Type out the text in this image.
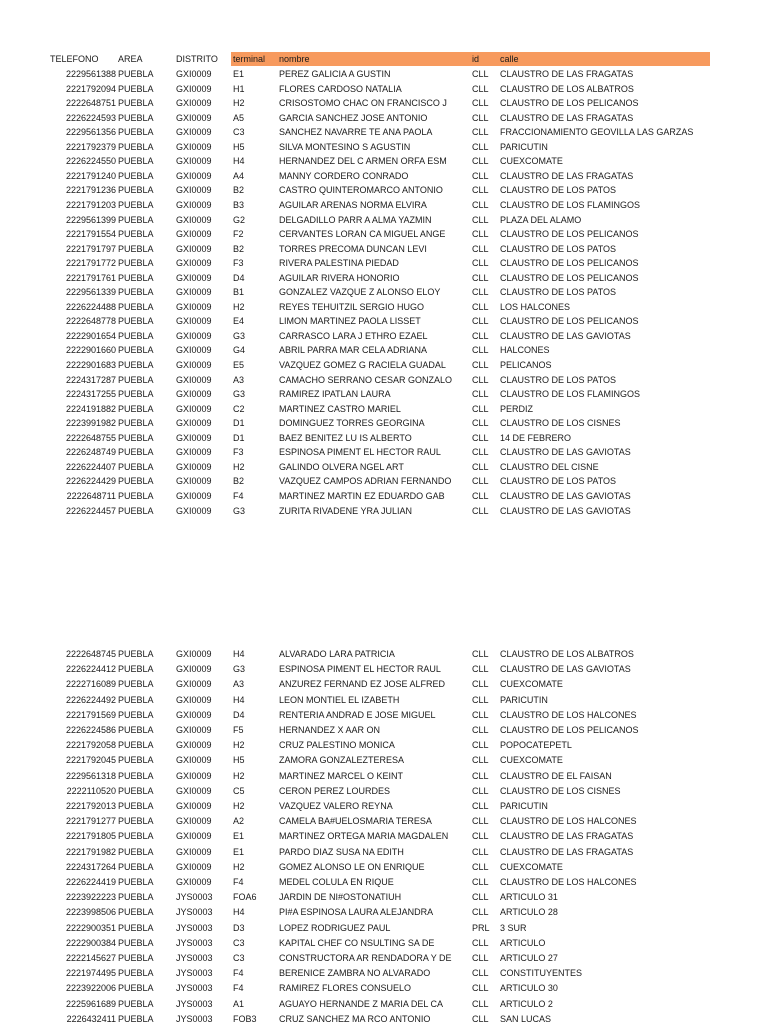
TELEFONO	AREA	DISTRITO	terminal	nombre	id	calle
2229561388 PUEBLA	GXI0009	E1	PEREZ GALICIA A GUSTIN	CLL	CLAUSTRO DE LAS FRAGATAS
2221792094 PUEBLA	GXI0009	H1	FLORES CARDOSO NATALIA	CLL	CLAUSTRO DE LOS ALBATROS
2222648751 PUEBLA	GXI0009	H2	CRISOSTOMO CHAC ON FRANCISCO J	CLL	CLAUSTRO DE LOS PELICANOS
2226224593 PUEBLA	GXI0009	A5	GARCIA SANCHEZ JOSE ANTONIO	CLL	CLAUSTRO DE LAS FRAGATAS
2229561356 PUEBLA	GXI0009	C3	SANCHEZ NAVARRE TE ANA PAOLA	CLL	FRACCIONAMIENTO GEOVILLA LAS GARZAS
2221792379 PUEBLA	GXI0009	H5	SILVA MONTESINO S AGUSTIN	CLL	PARICUTIN
2226224550 PUEBLA	GXI0009	H4	HERNANDEZ DEL C ARMEN ORFA ESM	CLL	CUEXCOMATE
2221791240 PUEBLA	GXI0009	A4	MANNY CORDERO CONRADO	CLL	CLAUSTRO DE LAS FRAGATAS
2221791236 PUEBLA	GXI0009	B2	CASTRO QUINTEROMARCO ANTONIO	CLL	CLAUSTRO DE LOS PATOS
2221791203 PUEBLA	GXI0009	B3	AGUILAR ARENAS NORMA ELVIRA	CLL	CLAUSTRO DE LOS FLAMINGOS
2229561399 PUEBLA	GXI0009	G2	DELGADILLO PARR A ALMA YAZMIN	CLL	PLAZA DEL ALAMO
2221791554 PUEBLA	GXI0009	F2	CERVANTES LORAN CA MIGUEL ANGE	CLL	CLAUSTRO DE LOS PELICANOS
2221791797 PUEBLA	GXI0009	B2	TORRES PRECOMA DUNCAN LEVI	CLL	CLAUSTRO DE LOS PATOS
2221791772 PUEBLA	GXI0009	F3	RIVERA PALESTINA PIEDAD	CLL	CLAUSTRO DE LOS PELICANOS
2221791761 PUEBLA	GXI0009	D4	AGUILAR RIVERA HONORIO	CLL	CLAUSTRO DE LOS PELICANOS
2229561339 PUEBLA	GXI0009	B1	GONZALEZ VAZQUE Z ALONSO ELOY	CLL	CLAUSTRO DE LOS PATOS
2226224488 PUEBLA	GXI0009	H2	REYES TEHUITZIL SERGIO HUGO	CLL	LOS HALCONES
2222648778 PUEBLA	GXI0009	E4	LIMON MARTINEZ PAOLA LISSET	CLL	CLAUSTRO DE LOS PELICANOS
2222901654 PUEBLA	GXI0009	G3	CARRASCO LARA J ETHRO EZAEL	CLL	CLAUSTRO DE LAS GAVIOTAS
2222901660 PUEBLA	GXI0009	G4	ABRIL PARRA MAR CELA ADRIANA	CLL	HALCONES
2222901683 PUEBLA	GXI0009	E5	VAZQUEZ GOMEZ G RACIELA GUADAL	CLL	PELICANOS
2224317287 PUEBLA	GXI0009	A3	CAMACHO SERRANO CESAR GONZALO	CLL	CLAUSTRO DE LOS PATOS
2224317255 PUEBLA	GXI0009	G3	RAMIREZ IPATLAN LAURA	CLL	CLAUSTRO DE LOS FLAMINGOS
2224191882 PUEBLA	GXI0009	C2	MARTINEZ CASTRO MARIEL	CLL	PERDIZ
2223991982 PUEBLA	GXI0009	D1	DOMINGUEZ TORRES GEORGINA	CLL	CLAUSTRO DE LOS CISNES
2222648755 PUEBLA	GXI0009	D1	BAEZ BENITEZ LU IS ALBERTO	CLL	14 DE FEBRERO
2226248749 PUEBLA	GXI0009	F3	ESPINOSA PIMENT EL HECTOR RAUL	CLL	CLAUSTRO DE LAS GAVIOTAS
2226224407 PUEBLA	GXI0009	H2	GALINDO OLVERA NGEL ART	CLL	CLAUSTRO DEL CISNE
2226224429 PUEBLA	GXI0009	B2	VAZQUEZ CAMPOS ADRIAN FERNANDO	CLL	CLAUSTRO DE LOS PATOS
2222648711 PUEBLA	GXI0009	F4	MARTINEZ MARTIN EZ EDUARDO GAB	CLL	CLAUSTRO DE LAS GAVIOTAS
2226224457 PUEBLA	GXI0009	G3	ZURITA RIVADENE YRA JULIAN	CLL	CLAUSTRO DE LAS GAVIOTAS
2222648745 PUEBLA	GXI0009	H4	ALVARADO LARA PATRICIA	CLL	CLAUSTRO DE LOS ALBATROS
2226224412 PUEBLA	GXI0009	G3	ESPINOSA PIMENT EL HECTOR RAUL	CLL	CLAUSTRO DE LAS GAVIOTAS
2222716089 PUEBLA	GXI0009	A3	ANZUREZ FERNAND EZ JOSE ALFRED	CLL	CUEXCOMATE
2226224492 PUEBLA	GXI0009	H4	LEON MONTIEL EL IZABETH	CLL	PARICUTIN
2221791569 PUEBLA	GXI0009	D4	RENTERIA ANDRAD E JOSE MIGUEL	CLL	CLAUSTRO DE LOS HALCONES
2226224586 PUEBLA	GXI0009	F5	HERNANDEZ X AAR ON	CLL	CLAUSTRO DE LOS PELICANOS
2221792058 PUEBLA	GXI0009	H2	CRUZ PALESTINO MONICA	CLL	POPOCATEPETL
2221792045 PUEBLA	GXI0009	H5	ZAMORA GONZALEZTERESA	CLL	CUEXCOMATE
2229561318 PUEBLA	GXI0009	H2	MARTINEZ MARCEL O KEINT	CLL	CLAUSTRO DE EL FAISAN
2222110520 PUEBLA	GXI0009	C5	CERON PEREZ LOURDES	CLL	CLAUSTRO DE LOS CISNES
2221792013 PUEBLA	GXI0009	H2	VAZQUEZ VALERO REYNA	CLL	PARICUTIN
2221791277 PUEBLA	GXI0009	A2	CAMELA BA#UELOSMARIA TERESA	CLL	CLAUSTRO DE LOS HALCONES
2221791805 PUEBLA	GXI0009	E1	MARTINEZ ORTEGA MARIA MAGDALEN	CLL	CLAUSTRO DE LAS FRAGATAS
2221791982 PUEBLA	GXI0009	E1	PARDO DIAZ SUSA NA EDITH	CLL	CLAUSTRO DE LAS FRAGATAS
2224317264 PUEBLA	GXI0009	H2	GOMEZ ALONSO LE ON ENRIQUE	CLL	CUEXCOMATE
2226224419 PUEBLA	GXI0009	F4	MEDEL COLULA EN RIQUE	CLL	CLAUSTRO DE LOS HALCONES
2223922223 PUEBLA	JYS0003	FOA6	JARDIN DE NI#OSTONATIUH	CLL	ARTICULO 31
2223998506 PUEBLA	JYS0003	H4	PI#A ESPINOSA LAURA ALEJANDRA	CLL	ARTICULO 28
2222900351 PUEBLA	JYS0003	D3	LOPEZ RODRIGUEZ PAUL	PRL	3 SUR
2222900384 PUEBLA	JYS0003	C3	KAPITAL CHEF CO NSULTING SA DE	CLL	ARTICULO
2222145627 PUEBLA	JYS0003	C3	CONSTRUCTORA AR RENDADORA Y DE	CLL	ARTICULO 27
2221974495 PUEBLA	JYS0003	F4	BERENICE ZAMBRA NO ALVARADO	CLL	CONSTITUYENTES
2223922006 PUEBLA	JYS0003	F4	RAMIREZ FLORES CONSUELO	CLL	ARTICULO 30
2225961689 PUEBLA	JYS0003	A1	AGUAYO HERNANDE Z MARIA DEL CA	CLL	ARTICULO 2
2226432411 PUEBLA	JYS0003	FOB3	CRUZ SANCHEZ MA RCO ANTONIO	CLL	SAN LUCAS
